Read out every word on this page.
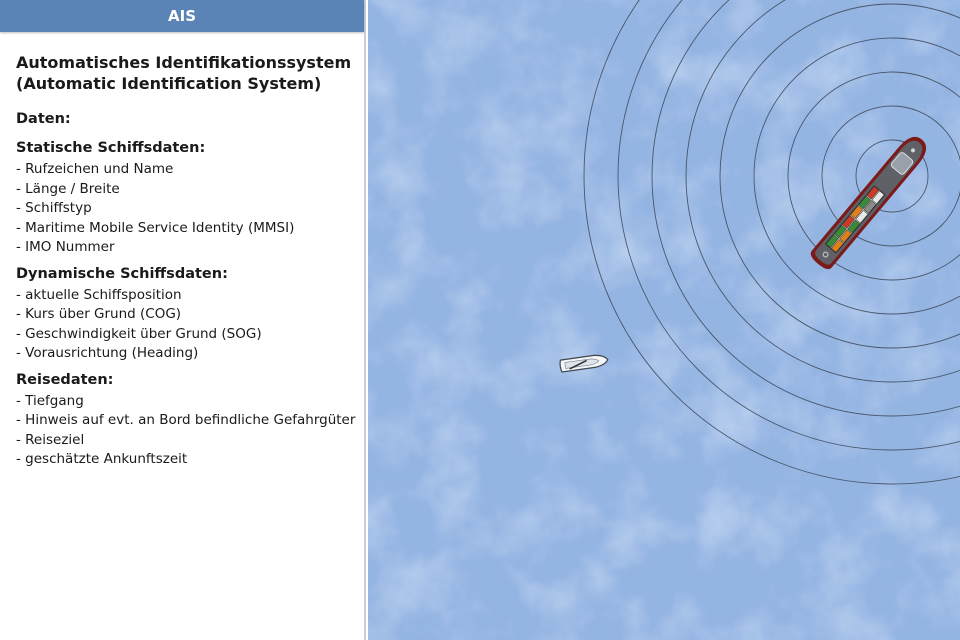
AIS
Automatisches Identifikationssystem
(Automatic Identification System)
Daten:
Statische Schiffsdaten:
- Rufzeichen und Name
- Länge / Breite
- Schiffstyp
- Maritime Mobile Service Identity (MMSI)
- IMO Nummer
Dynamische Schiffsdaten:
- aktuelle Schiffsposition
- Kurs über Grund (COG)
- Geschwindigkeit über Grund (SOG)
- Vorausrichtung (Heading)
Reisedaten:
- Tiefgang
- Hinweis auf evt. an Bord befindliche Gefahrgüter
- Reiseziel
- geschätzte Ankunftszeit
